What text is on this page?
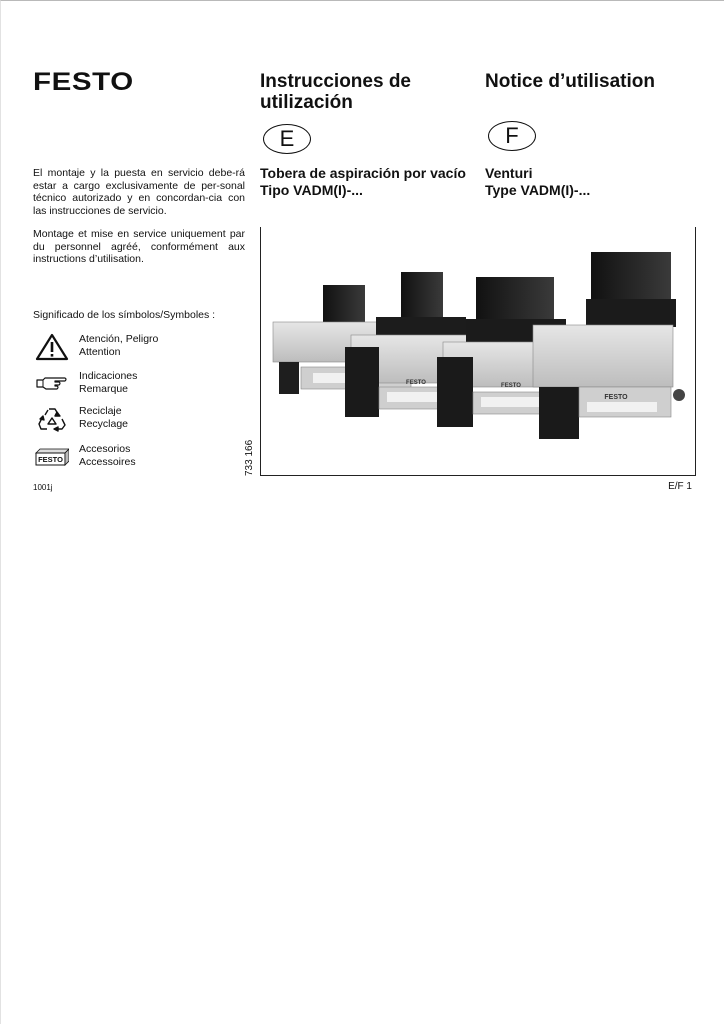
FESTO	Instrucciones de utilización
Notice d’utilisation
E	F
Tobera de aspiración por vacío
Tipo VADM(I)-...
Venturi
Type VADM(I)-...
El montaje y la puesta en servicio debe-rá estar a cargo exclusivamente de per-sonal técnico autorizado y en concordan-cia con las instrucciones de servicio.
Montage et mise en service uniquement par du personnel agréé, conformément aux instructions d’utilisation.
Significado de los símbolos/Symboles :
Atención, Peligro
Attention
Indicaciones
Remarque
Reciclaje
Recyclage
FESTO
Accesorios
Accessoires
FESTO	FESTO
FESTO
733 166
1001j	E/F 1
